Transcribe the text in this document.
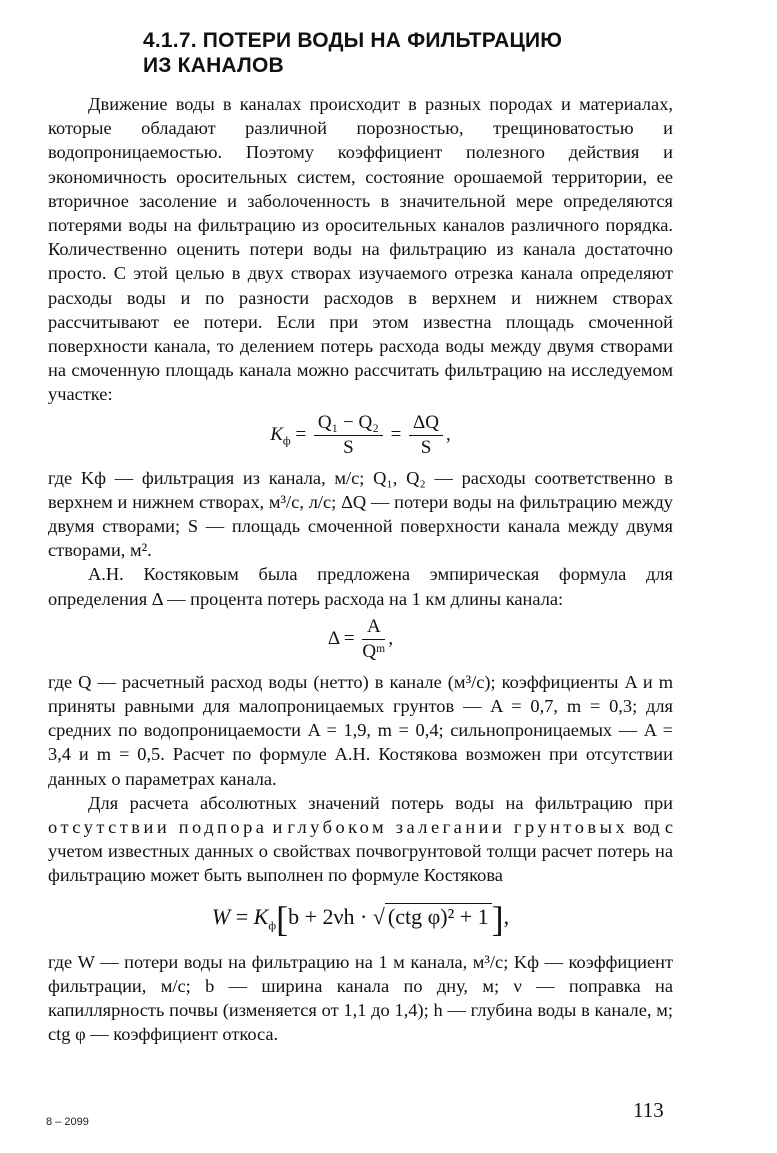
4.1.7. ПОТЕРИ ВОДЫ НА ФИЛЬТРАЦИЮ
ИЗ КАНАЛОВ

Движение воды в каналах происходит в разных породах и материалах, которые обладают различной порозностью, трещиноватостью и водопроницаемостью. Поэтому коэффициент полезного действия и экономичность оросительных систем, состояние орошаемой территории, ее вторичное засоление и заболоченность в значительной мере определяются потерями воды на фильтрацию из оросительных каналов различного порядка. Количественно оценить потери воды на фильтрацию из канала достаточно просто. С этой целью в двух створах изучаемого отрезка канала определяют расходы воды и по разности расходов в верхнем и нижнем створах рассчитывают ее потери. Если при этом известна площадь смоченной поверхности канала, то делением потерь расхода воды между двумя створами на смоченную площадь канала можно рассчитать фильтрацию на исследуемом участке:

$K_ф = \frac{\text{Q₁ − Q₂}}{S} = \frac{\Delta Q}{S}$ ,

где Kф — фильтрация из канала, м/с; Q₁, Q₂ — расходы соответственно в верхнем и нижнем створах, м³/с, л/с; ΔQ — потери воды на фильтрацию между двумя створами; S — площадь смоченной поверхности канала между двумя створами, м².

А.Н. Костяковым была предложена эмпирическая формула для определения Δ — процента потерь расхода на 1 км длины канала:

$\Delta = \frac{A}{\text{Qᵐ}}$ ,

где Q — расчетный расход воды (нетто) в канале (м³/с); коэффициенты A и m приняты равными для малопроницаемых грунтов — A = 0,7, m = 0,3; для средних по водопроницаемости A = 1,9, m = 0,4; сильнопроницаемых — A = 3,4 и m = 0,5. Расчет по формуле А.Н. Костякова возможен при отсутствии данных о параметрах канала.

Для расчета абсолютных значений потерь воды на фильтрацию при отсутствии подпора и глубоком залегании грунтовых вод с учетом известных данных о свойствах почвогрунтовой толщи расчет потерь на фильтрацию может быть выполнен по формуле Костякова

$W = K_ф[b + 2\nu h$ · √ (ctg φ)² + 1],

где W — потери воды на фильтрацию на 1 м канала, м³/с; Kф — коэффициент фильтрации, м/с; b — ширина канала по дну, м; ν — поправка на капиллярность почвы (изменяется от 1,1 до 1,4); h — глубина воды в канале, м; ctg φ — коэффициент откоса.

8 – 2099	113
